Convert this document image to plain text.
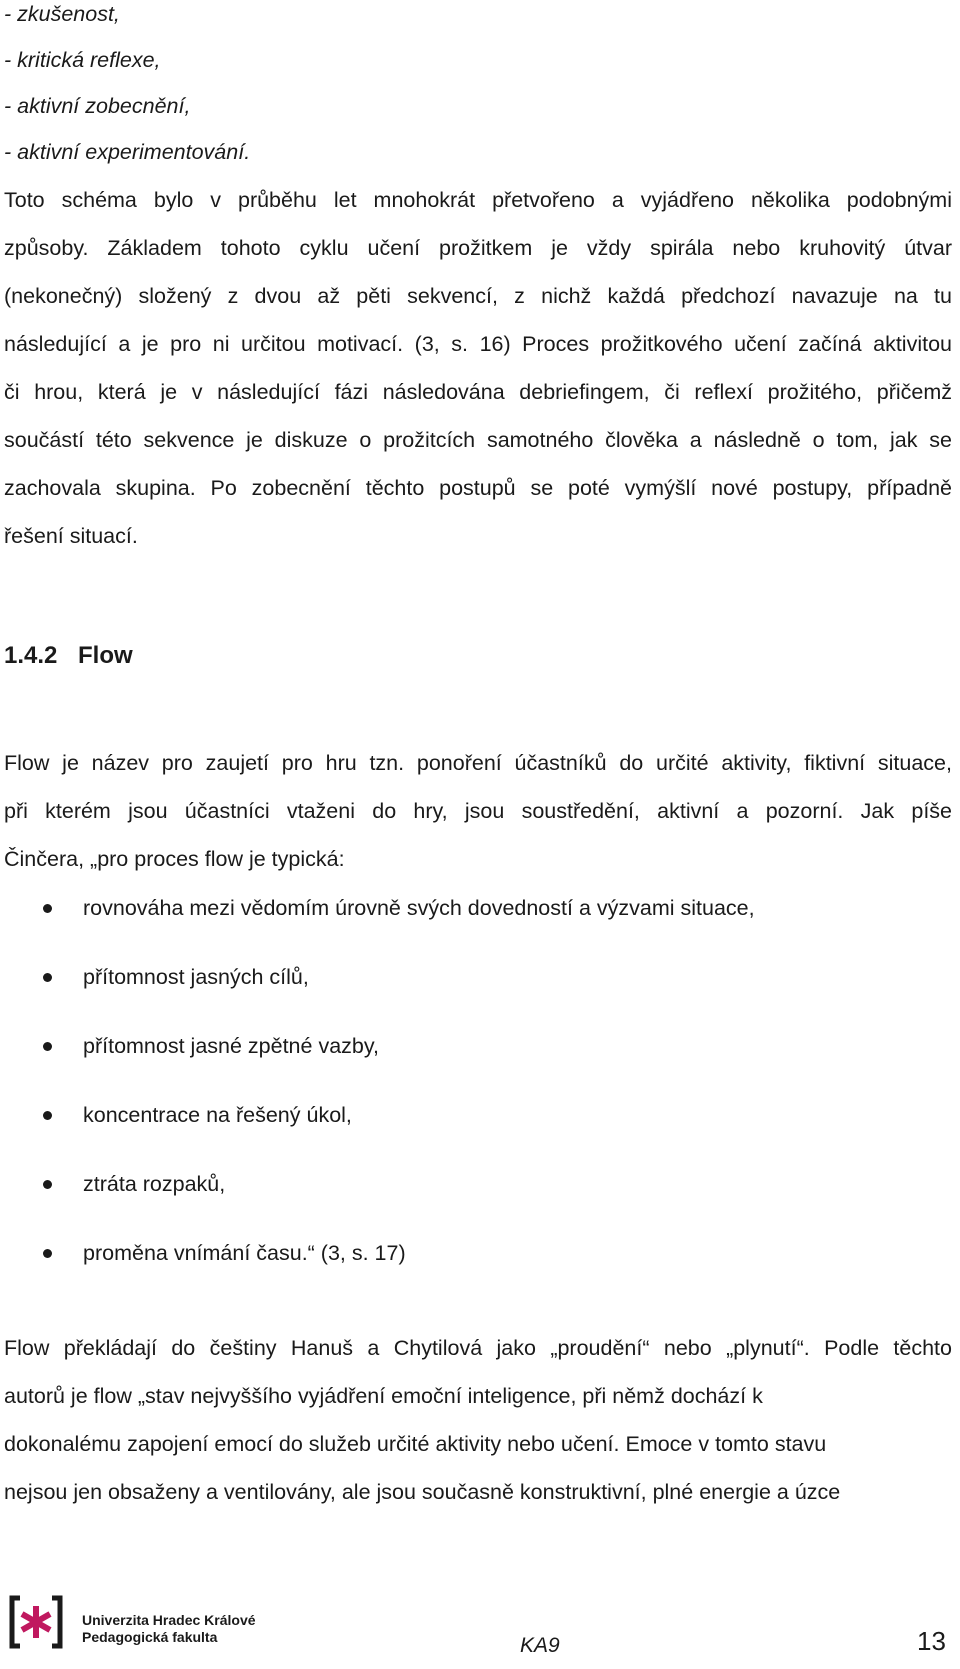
- zkušenost,
- kritická reflexe,
- aktivní zobecnění,
- aktivní experimentování.
Toto schéma bylo v průběhu let mnohokrát přetvořeno a vyjádřeno několika podobnými
způsoby. Základem tohoto cyklu učení prožitkem je vždy spirála nebo kruhovitý útvar
(nekonečný) složený z dvou až pěti sekvencí, z nichž každá předchozí navazuje na tu
následující a je pro ni určitou motivací. (3, s. 16) Proces prožitkového učení začíná aktivitou
či hrou, která je v následující fázi následována debriefingem, či reflexí prožitého, přičemž
součástí této sekvence je diskuze o prožitcích samotného člověka a následně o tom, jak se
zachovala skupina. Po zobecnění těchto postupů se poté vymýšlí nové postupy, případně
řešení situací.
1.4.2 Flow
Flow je název pro zaujetí pro hru tzn. ponoření účastníků do určité aktivity, fiktivní situace,
při kterém jsou účastníci vtaženi do hry, jsou soustředění, aktivní a pozorní. Jak píše
Činčera, „pro proces flow je typická:
rovnováha mezi vědomím úrovně svých dovedností a výzvami situace,
přítomnost jasných cílů,
přítomnost jasné zpětné vazby,
koncentrace na řešený úkol,
ztráta rozpaků,
proměna vnímání času.“ (3, s. 17)
Flow překládají do češtiny Hanuš a Chytilová jako „proudění“ nebo „plynutí“. Podle těchto
autorů je flow „stav nejvyššího vyjádření emoční inteligence, při němž dochází k
dokonalému zapojení emocí do služeb určité aktivity nebo učení. Emoce v tomto stavu
nejsou jen obsaženy a ventilovány, ale jsou současně konstruktivní, plné energie a úzce
Univerzita Hradec Králové
Pedagogická fakulta	KA9	13
